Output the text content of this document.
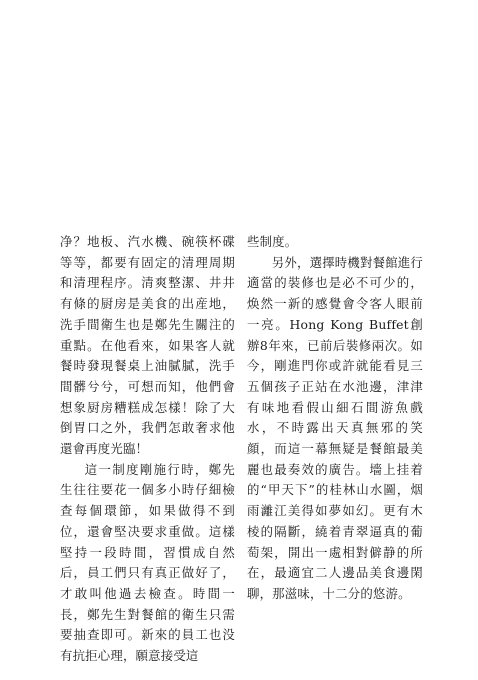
净？地板、汽水機、碗筷杯碟等等，都要有固定的清理周期和清理程序。清爽整潔、井井有條的厨房是美食的出産地，洗手間衛生也是鄭先生關注的重點。在他看來，如果客人就餐時發現餐桌上油膩膩，洗手間髒兮兮，可想而知，他們會想象厨房糟糕成怎樣！除了大倒胃口之外，我們怎敢奢求他還會再度光臨！

這一制度剛施行時，鄭先生往往要花一個多小時仔細檢查每個環節，如果做得不到位，還會堅决要求重做。這樣堅持一段時間，習慣成自然后，員工們只有真正做好了，才敢叫他過去檢查。時間一長，鄭先生對餐館的衛生只需要抽查即可。新來的員工也没有抗拒心理，願意接受這

些制度。

另外，選擇時機對餐館進行適當的裝修也是必不可少的，焕然一新的感覺會令客人眼前一亮。Hong Kong Buffet創辦8年來，已前后裝修兩次。如今，剛進門你或許就能看見三五個孩子正站在水池邊，津津有味地看假山細石間游魚戲水，不時露出天真無邪的笑顔，而這一幕無疑是餐館最美麗也最奏效的廣告。墻上挂着的“甲天下”的桂林山水圖，烟雨灕江美得如夢如幻。更有木棱的隔斷，繞着青翠逼真的葡萄架，開出一處相對僻静的所在，最適宜二人邊品美食邊閑聊，那滋味，十二分的悠游。
